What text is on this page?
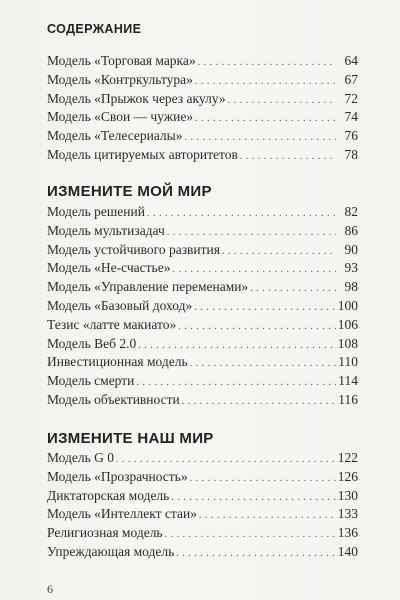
СОДЕРЖАНИЕ
Модель «Торговая марка» . . .	64
Модель «Контркультура» . . .	67
Модель «Прыжок через акулу» . . .	72
Модель «Свои — чужие» . . .	74
Модель «Телесериалы» . . .	76
Модель цитируемых авторитетов . . .	78
ИЗМЕНИТЕ МОЙ МИР
Модель решений . . .	82
Модель мультизадач . . .	86
Модель устойчивого развития . . .	90
Модель «Не-счастье» . . .	93
Модель «Управление переменами» . . .	98
Модель «Базовый доход» . . .	100
Тезис «латте макиато» . . .	106
Модель Веб 2.0 . . .	108
Инвестиционная модель . . .	110
Модель смерти . . .	114
Модель объективности . . .	116
ИЗМЕНИТЕ НАШ МИР
Модель G 0 . . .	122
Модель «Прозрачность» . . .	126
Диктаторская модель . . .	130
Модель «Интеллект стаи» . . .	133
Религиозная модель . . .	136
Упреждающая модель . . .	140
6
